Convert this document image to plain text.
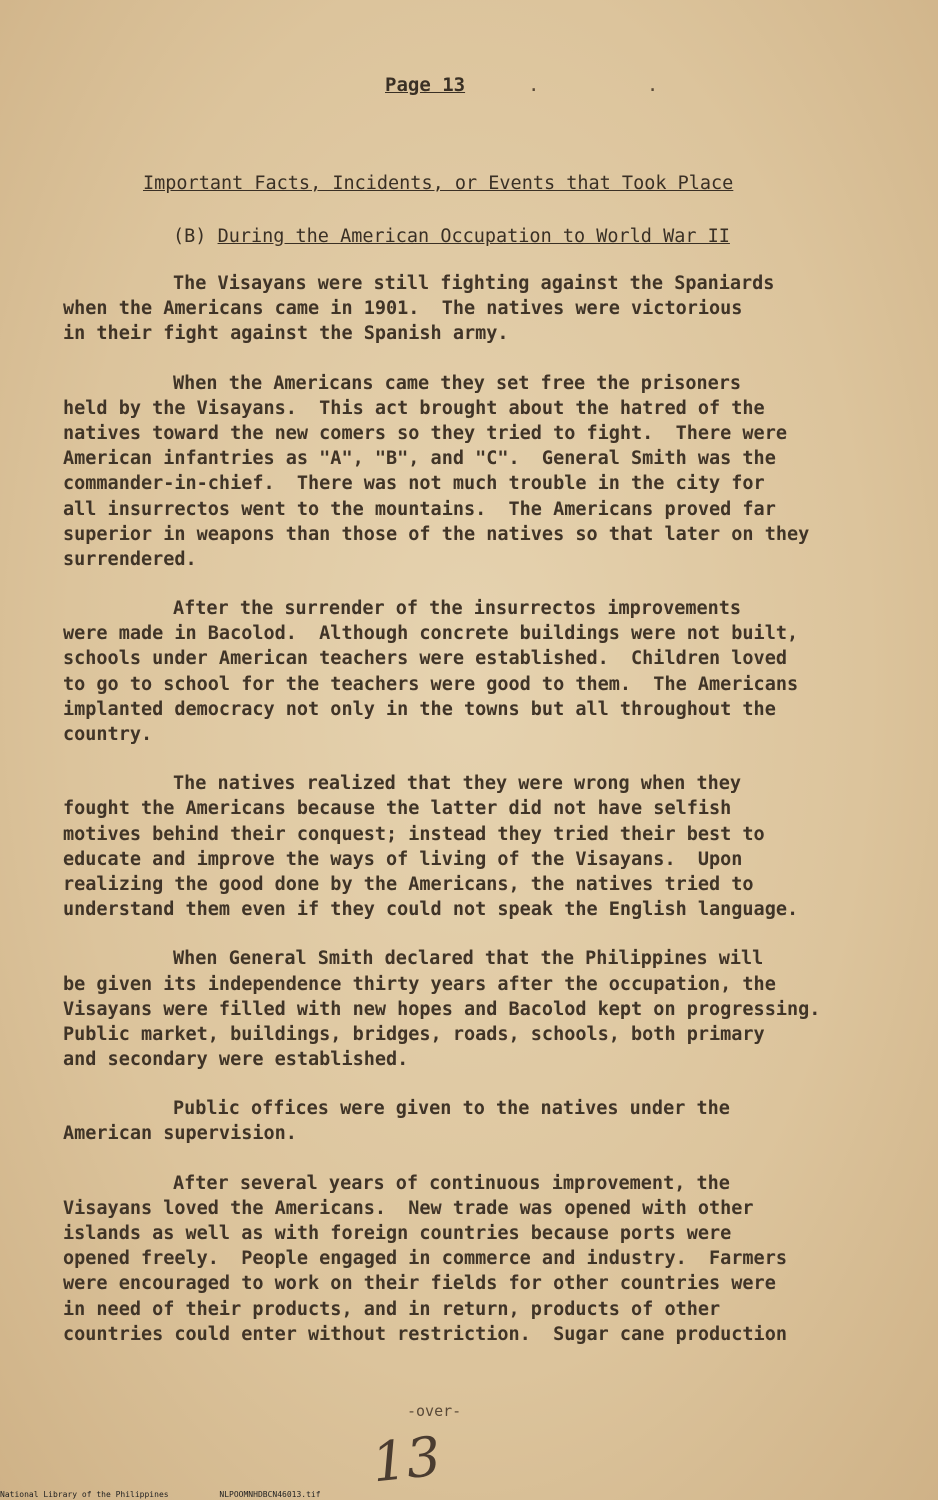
Page 13	. .
Important Facts, Incidents, or Events that Took Place
(B) During the American Occupation to World War II
The Visayans were still fighting against the Spaniards
when the Americans came in 1901.  The natives were victorious
in their fight against the Spanish army.
When the Americans came they set free the prisoners
held by the Visayans.  This act brought about the hatred of the
natives toward the new comers so they tried to fight.  There were
American infantries as "A", "B", and "C".  General Smith was the
commander-in-chief.  There was not much trouble in the city for
all insurrectos went to the mountains.  The Americans proved far
superior in weapons than those of the natives so that later on they
surrendered.
After the surrender of the insurrectos improvements
were made in Bacolod.  Although concrete buildings were not built,
schools under American teachers were established.  Children loved
to go to school for the teachers were good to them.  The Americans
implanted democracy not only in the towns but all throughout the
country.
The natives realized that they were wrong when they
fought the Americans because the latter did not have selfish
motives behind their conquest; instead they tried their best to
educate and improve the ways of living of the Visayans.  Upon
realizing the good done by the Americans, the natives tried to
understand them even if they could not speak the English language.
When General Smith declared that the Philippines will
be given its independence thirty years after the occupation, the
Visayans were filled with new hopes and Bacolod kept on progressing.
Public market, buildings, bridges, roads, schools, both primary
and secondary were established.
Public offices were given to the natives under the
American supervision.
After several years of continuous improvement, the
Visayans loved the Americans.  New trade was opened with other
islands as well as with foreign countries because ports were
opened freely.  People engaged in commerce and industry.  Farmers
were encouraged to work on their fields for other countries were
in need of their products, and in return, products of other
countries could enter without restriction.  Sugar cane production
-over-
13
National Library of the Philippines	NLPOOMNHDBCN46013.tif
